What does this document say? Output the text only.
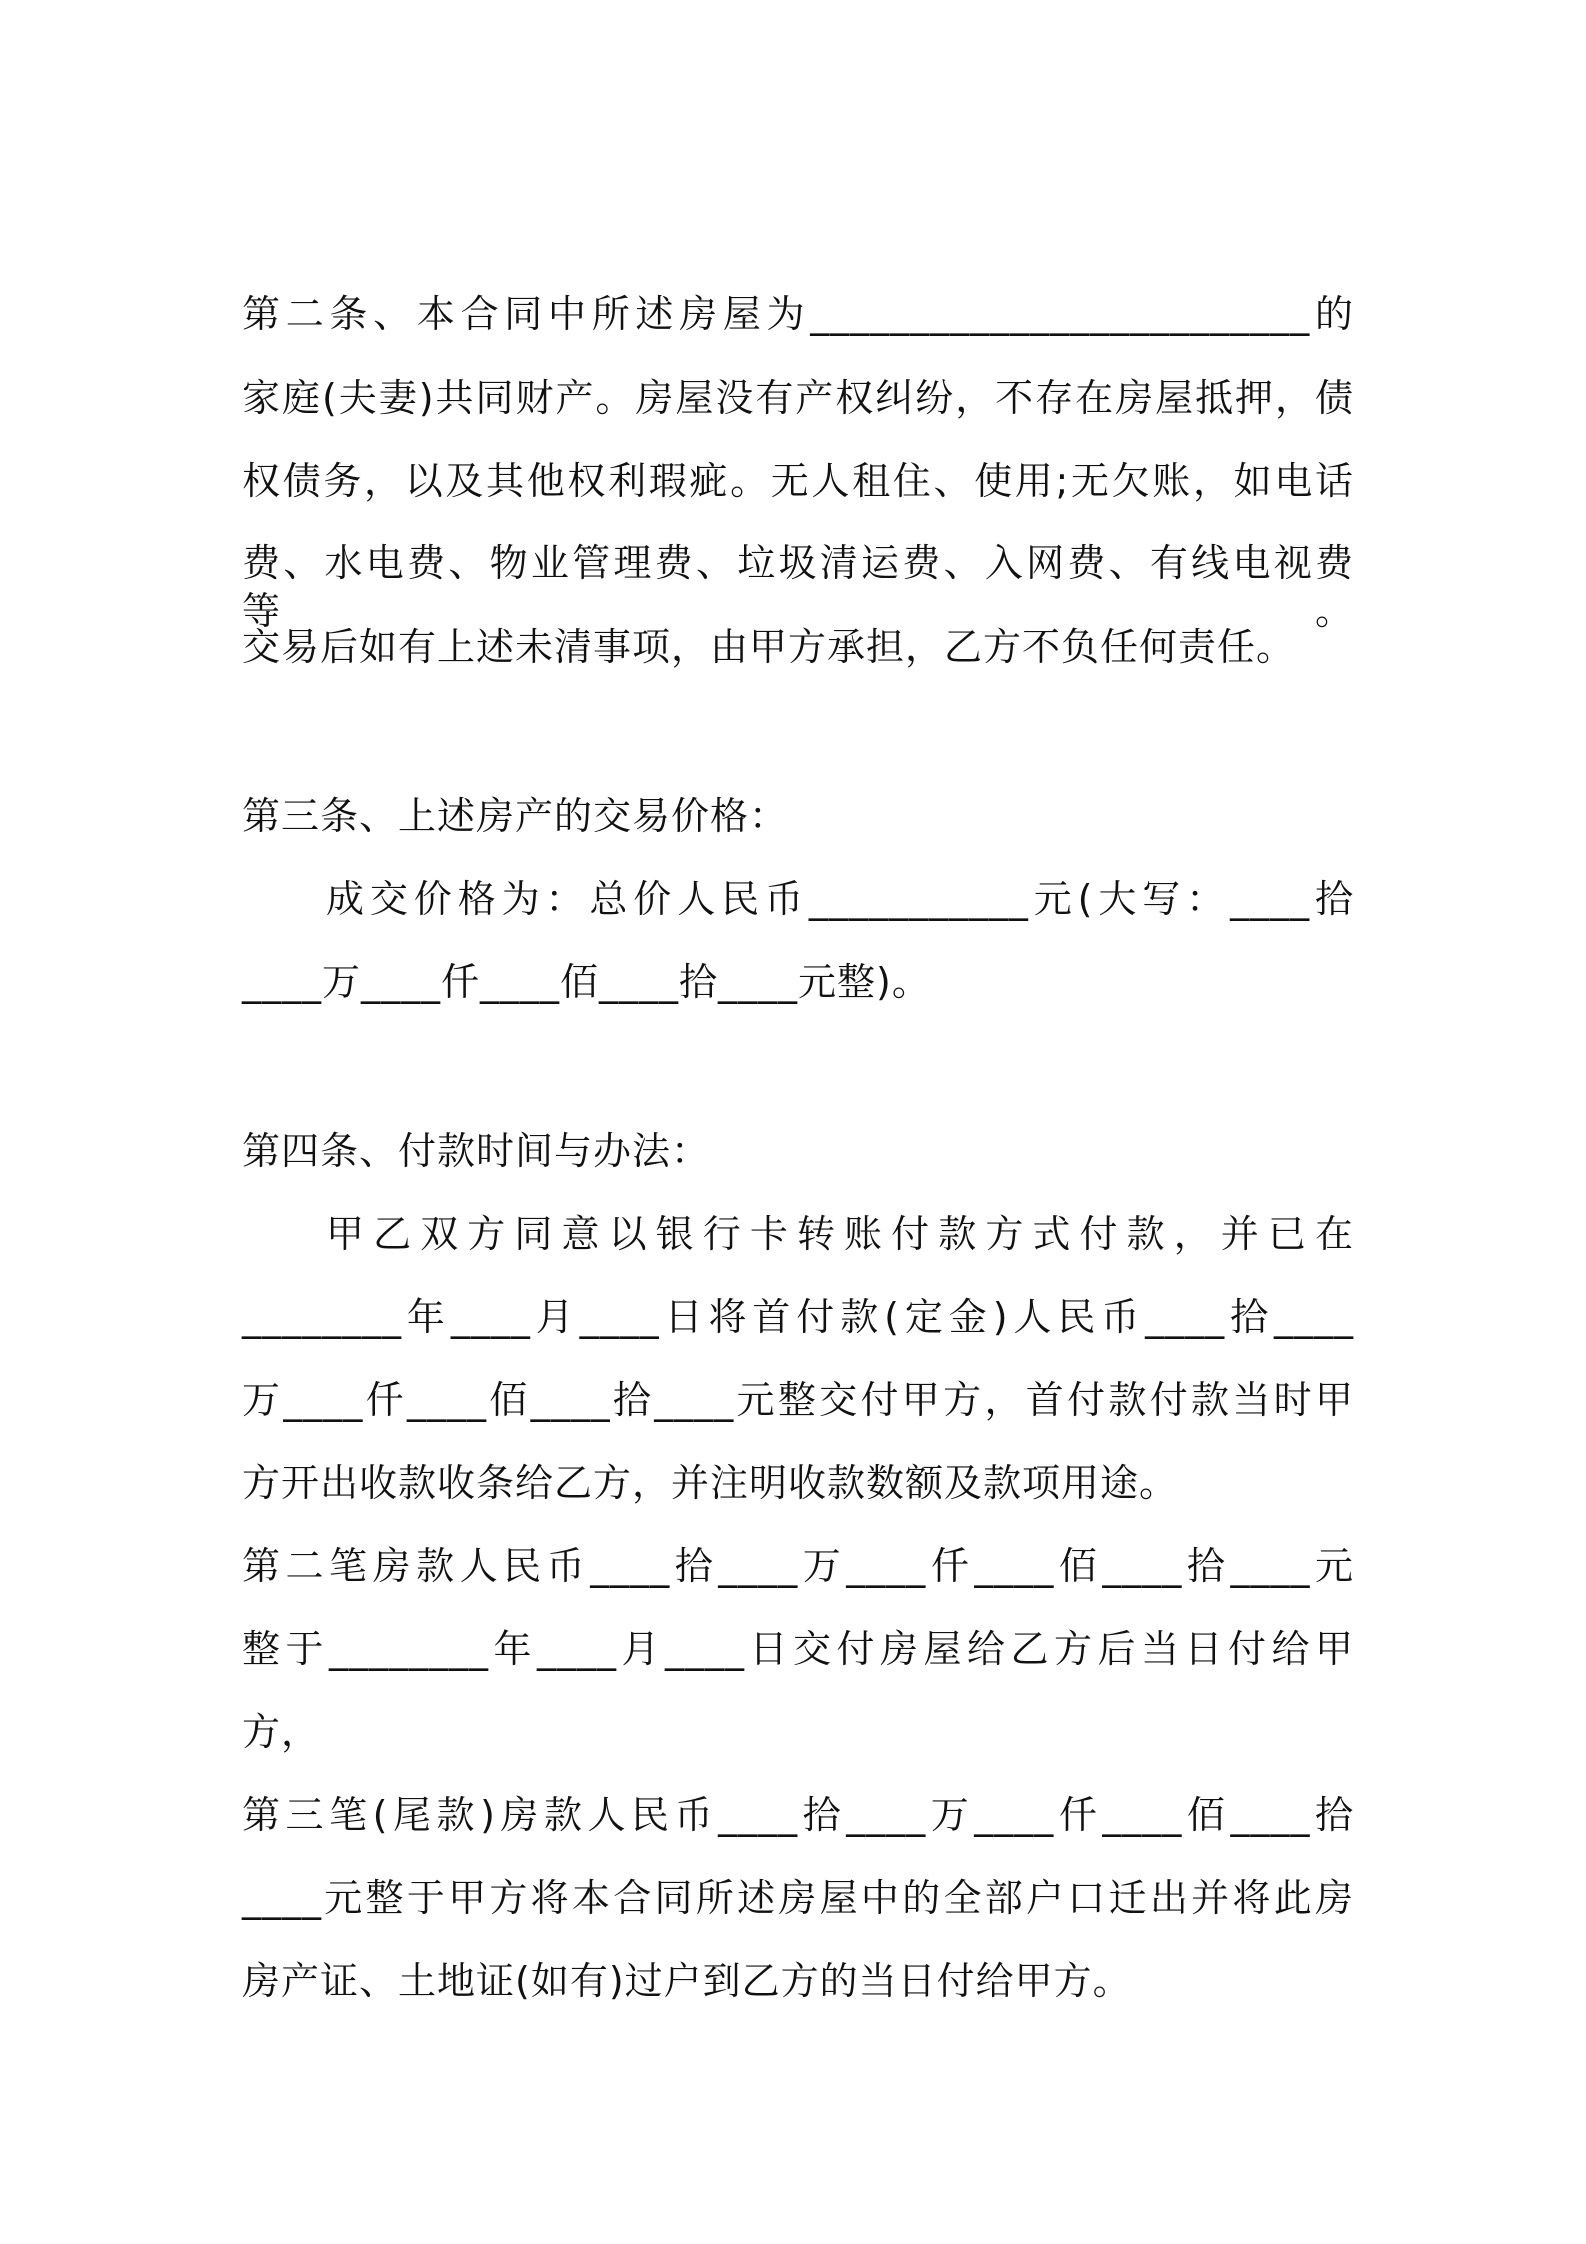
第二条、本合同中所述房屋为_________________________的
家庭(夫妻)共同财产。房屋没有产权纠纷，不存在房屋抵押，债
权债务，以及其他权利瑕疵。无人租住、使用;无欠账，如电话
费、水电费、物业管理费、垃圾清运费、入网费、有线电视费等。
交易后如有上述未清事项，由甲方承担，乙方不负任何责任。
第三条、上述房产的交易价格：
成交价格为：总价人民币___________元(大写：____拾
____万____仟____佰____拾____元整)。
第四条、付款时间与办法：
甲乙双方同意以银行卡转账付款方式付款，并已在
________年____月____日将首付款(定金)人民币____拾____
万____仟____佰____拾____元整交付甲方，首付款付款当时甲
方开出收款收条给乙方，并注明收款数额及款项用途。
第二笔房款人民币____拾____万____仟____佰____拾____元
整于________年____月____日交付房屋给乙方后当日付给甲
方，
第三笔(尾款)房款人民币____拾____万____仟____佰____拾
____元整于甲方将本合同所述房屋中的全部户口迁出并将此房
房产证、土地证(如有)过户到乙方的当日付给甲方。
